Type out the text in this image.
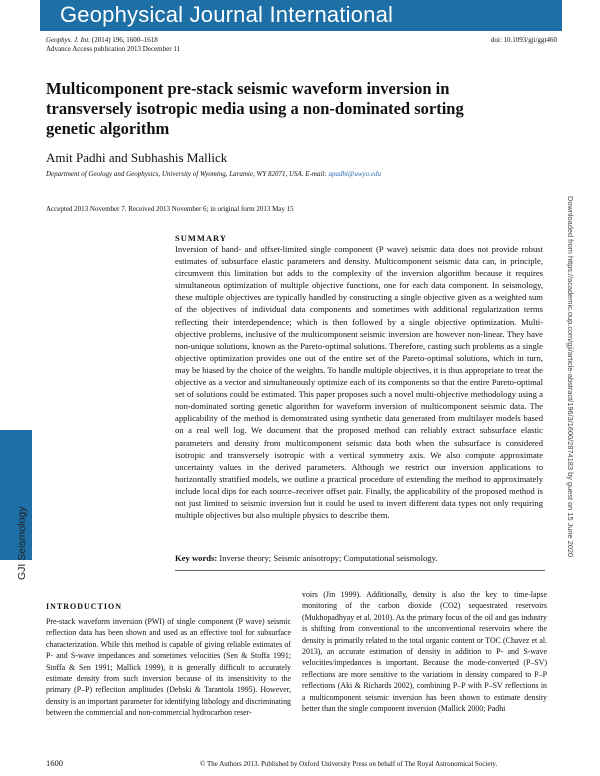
Geophysical Journal International
Geophys. J. Int. (2014) 196, 1600–1618
Advance Access publication 2013 December 11
doi: 10.1093/gji/ggt460
Multicomponent pre-stack seismic waveform inversion in transversely isotropic media using a non-dominated sorting genetic algorithm
Amit Padhi and Subhashis Mallick
Department of Geology and Geophysics, University of Wyoming, Laramie, WY 82071, USA. E-mail: apadhi@uwyo.edu
Accepted 2013 November 7. Received 2013 November 6; in original form 2013 May 15
SUMMARY

Inversion of band- and offset-limited single component (P wave) seismic data does not provide robust estimates of subsurface elastic parameters and density. Multicomponent seismic data can, in principle, circumvent this limitation but adds to the complexity of the inversion algorithm because it requires simultaneous optimization of multiple objective functions, one for each data component. In seismology, these multiple objectives are typically handled by constructing a single objective given as a weighted sum of the objectives of individual data components and sometimes with additional regularization terms reflecting their interdependence; which is then followed by a single objective optimization. Multi-objective problems, inclusive of the multicomponent seismic inversion are however non-linear. They have non-unique solutions, known as the Pareto-optimal solutions. Therefore, casting such problems as a single objective optimization provides one out of the entire set of the Pareto-optimal solutions, which in turn, may be biased by the choice of the weights. To handle multiple objectives, it is thus appropriate to treat the objective as a vector and simultaneously optimize each of its components so that the entire Pareto-optimal set of solutions could be estimated. This paper proposes such a novel multi-objective methodology using a non-dominated sorting genetic algorithm for waveform inversion of multicomponent seismic data. The applicability of the method is demonstrated using synthetic data generated from multilayer models based on a real well log. We document that the proposed method can reliably extract subsurface elastic parameters and density from multicomponent seismic data both when the subsurface is considered isotropic and transversely isotropic with a vertical symmetry axis. We also compute approximate uncertainty values in the derived parameters. Although we restrict our inversion applications to horizontally stratified models, we outline a practical procedure of extending the method to approximately include local dips for each source–receiver offset pair. Finally, the applicability of the proposed method is not just limited to seismic inversion but it could be used to invert different data types not only requiring multiple objectives but also multiple physics to describe them.

Key words: Inverse theory; Seismic anisotropy; Computational seismology.
INTRODUCTION

Pre-stack waveform inversion (PWI) of single component (P wave) seismic reflection data has been shown and used as an effective tool for subsurface characterization. While this method is capable of giving reliable estimates of P- and S-wave impedances and sometimes velocities (Sen & Stoffa 1991; Stoffa & Sen 1991; Mallick 1999), it is generally difficult to accurately estimate density from such inversion because of its insensitivity to the primary (P–P) reflection amplitudes (Debski & Tarantola 1995). However, density is an important parameter for identifying lithology and discriminating between the commercial and non-commercial hydrocarbon reser-

voirs (Jin 1999). Additionally, density is also the key to time-lapse monitoring of the carbon dioxide (CO2) sequestrated reservoirs (Mukhopadhyay et al. 2010). As the primary focus of the oil and gas industry is shifting from conventional to the unconventional reservoirs where the density is primarily related to the total organic content or TOC (Chavez et al. 2013), an accurate estimation of density in addition to P- and S-wave velocities/impedances is important. Because the mode-converted (P–SV) reflections are more sensitive to the variations in density compared to P–P reflections (Aki & Richards 2002), combining P–P with P–SV reflections in a multicomponent seismic inversion has been shown to estimate density better than the single component inversion (Mallick 2000; Padhi

GJI Seismology	Downloaded from https://academic.oup.com/gji/article-abstract/196/3/1600/2874183 by guest on 15 June 2020
1600	© The Authors 2013. Published by Oxford University Press on behalf of The Royal Astronomical Society.
